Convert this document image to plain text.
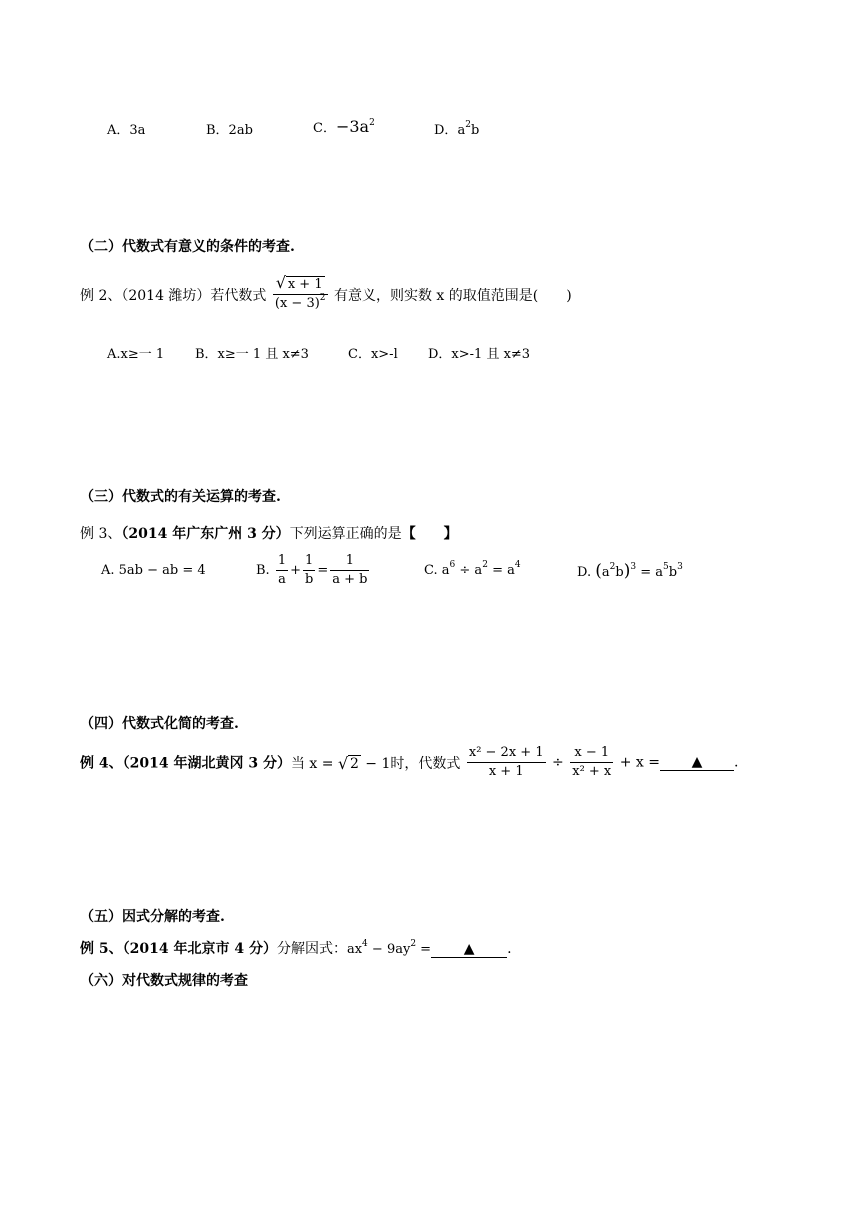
A．3a	B．2ab	C．$-3a^2$	D．$a^2b$
（二）代数式有意义的条件的考查.
例 2、（2014 潍坊）若代数式 $\frac{√ x + 1}{(x - 3)^2}$ 有意义，则实数 x 的取值范围是(　　)
A.x≥一 1 B．x≥一 1 且 x≠3	C．x>-l D．x>-1 且 x≠3
（三）代数式的有关运算的考查.
例 3、（2014 年广东广州 3 分）下列运算正确的是【　　】
A. 5ab − ab = 4	B. $\frac{1}{a} + \frac{1}{b} = \frac{1}{a + b}$	C. $a^6 \div a^2 = a^4$	D. $(a^2b)^3 = a^5b^3$
（四）代数式化简的考查.
例 4、（2014 年湖北黄冈 3 分）当 x = √ 2 − 1时，代数式 $\frac{\text{x² − 2x + 1}}{x + 1} \div \frac{x - 1}{\text{x² + x}} + x$ = ▲ .
（五）因式分解的考查.
例 5、（2014 年北京市 4 分）分解因式：$ax^4 - 9ay^2$ = ▲ .
（六）对代数式规律的考查
